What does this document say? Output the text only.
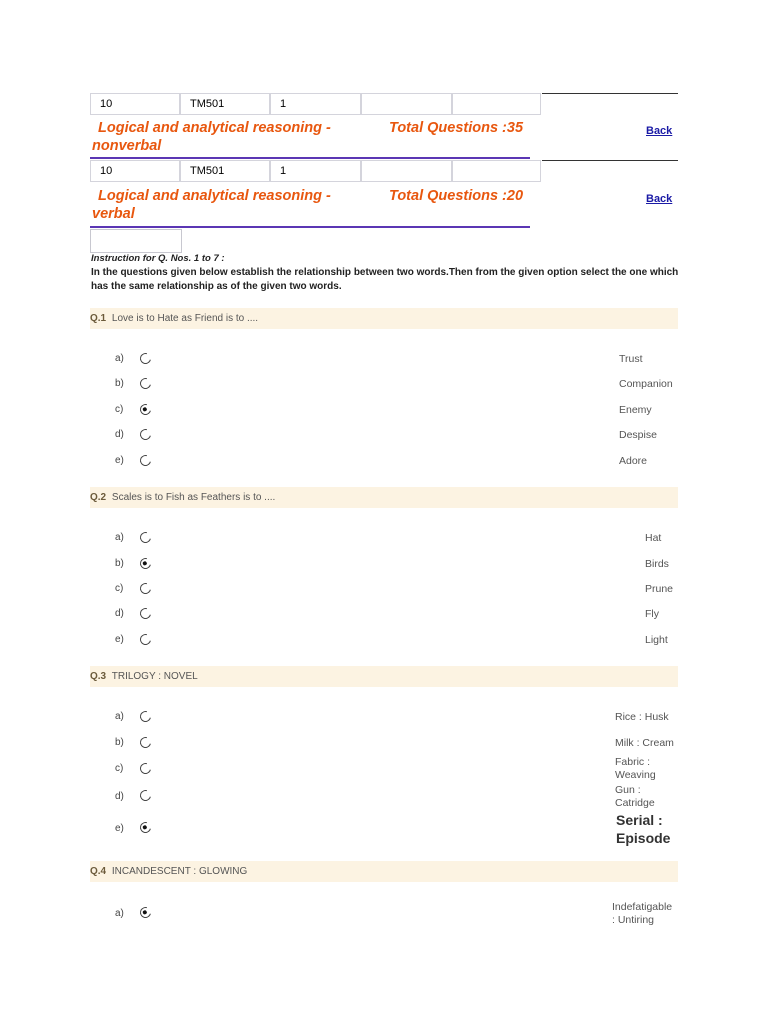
10	TM501	1
Logical and analytical reasoning -
nonverbal
Total Questions :35	Back
10	TM501	1
Logical and analytical reasoning -
verbal
Total Questions :20	Back
Instruction for Q. Nos. 1 to 7 :
In the questions given below establish the relationship between two words.Then from the given option select the one which has the same relationship as of the given two words.
Q.1 Love is to Hate as Friend is to ....
a)	Trust
b)	Companion
c)	Enemy
d)	Despise
e)	Adore
Q.2 Scales is to Fish as Feathers is to ....
a)	Hat
b)	Birds
c)	Prune
d)	Fly
e)	Light
Q.3 TRILOGY : NOVEL
a)	Rice : Husk
b)	Milk : Cream
c)
Fabric :
Weaving
d)
Gun :
Catridge
e)
Serial :
Episode
Q.4 INCANDESCENT : GLOWING
a)
Indefatigable
: Untiring
